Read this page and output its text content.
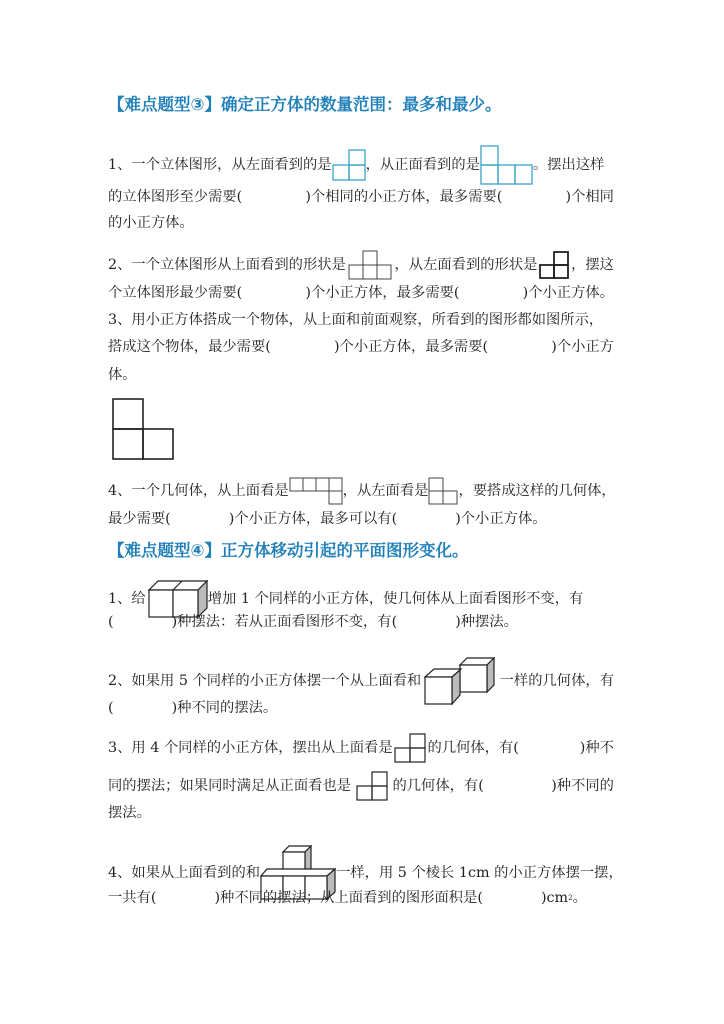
【难点题型③】确定正方体的数量范围：最多和最少。
1、一个立体图形，从左面看到的是 ，从正面看到的是	。摆出这样
的立体图形至少需要(	)个相同的小正方体，最多需要(	)个相同
的小正方体。
2、一个立体图形从上面看到的形状是	，从左面看到的形状是 ，摆这
个立体图形最少需要(	)个小正方体，最多需要(	)个小正方体。
3、用小正方体搭成一个物体，从上面和前面观察，所看到的图形都如图所示，
搭成这个物体，最少需要(	)个小正方体，最多需要(	)个小正方
体。
4、一个几何体，从上面看是	，从左面看是 ，要搭成这样的几何体，
最少需要(	)个小正方体，最多可以有(	)个小正方体。
【难点题型④】正方体移动引起的平面图形变化。
1、给	增加 1 个同样的小正方体，使几何体从上面看图形不变，有
(	)种摆法：若从正面看图形不变，有(	)种摆法。
2、如果用 5 个同样的小正方体摆一个从上面看和	一样的几何体，有
(	)种不同的摆法。
3、用 4 个同样的小正方体，摆出从上面看是 的几何体，有(	)种不
同的摆法；如果同时满足从正面看也是	的几何体，有(	)种不同的
摆法。
4、如果从上面看到的和	一样，用 5 个棱长 1cm 的小正方体摆一摆，
一共有(	)种不同的摆法；从上面看到的图形面积是(	)cm 2 。
